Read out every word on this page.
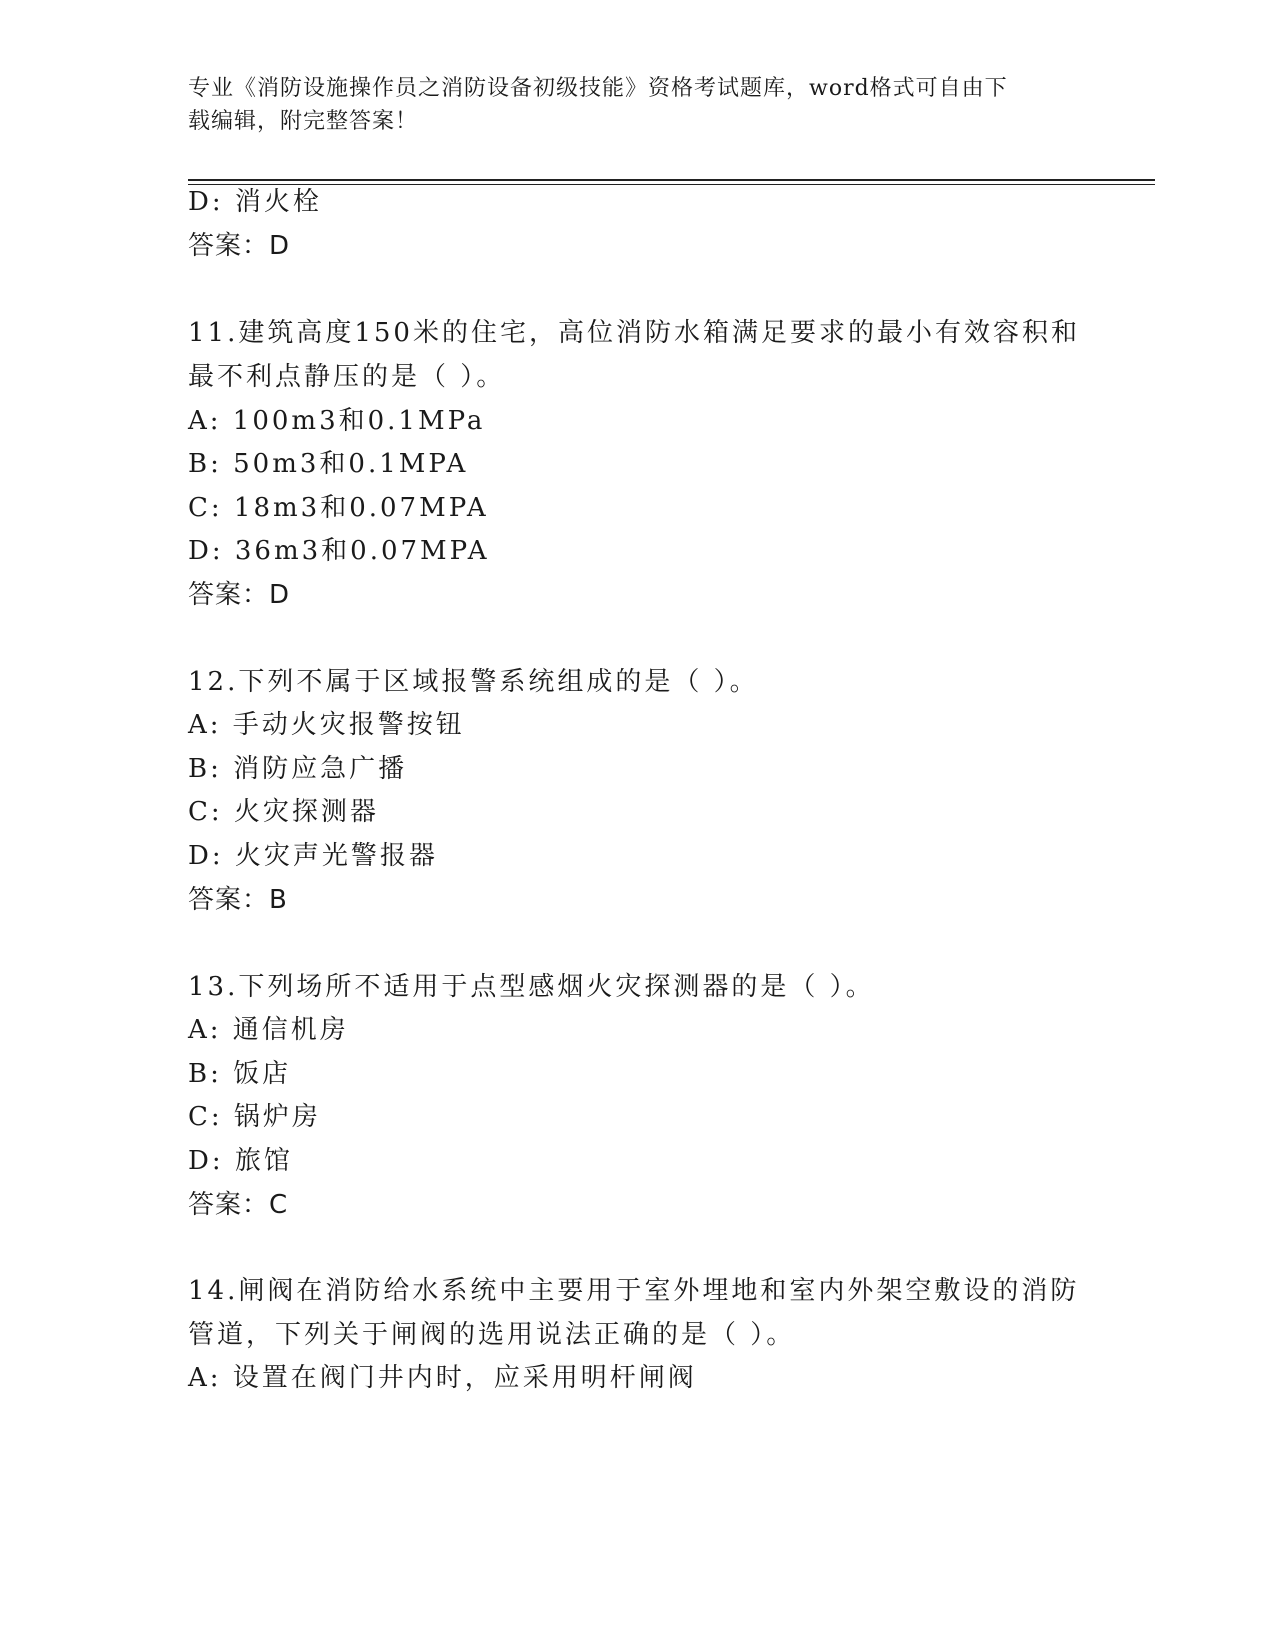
专业《消防设施操作员之消防设备初级技能》资格考试题库，word格式可自由下
载编辑，附完整答案！
D: 消火栓
答案：D
11.建筑高度150米的住宅，高位消防水箱满足要求的最小有效容积和
最不利点静压的是（ ）。
A: 100m3和0.1MPa
B: 50m3和0.1MPA
C: 18m3和0.07MPA
D: 36m3和0.07MPA
答案：D
12.下列不属于区域报警系统组成的是（ ）。
A: 手动火灾报警按钮
B: 消防应急广播
C: 火灾探测器
D: 火灾声光警报器
答案：B
13.下列场所不适用于点型感烟火灾探测器的是（ ）。
A: 通信机房
B: 饭店
C: 锅炉房
D: 旅馆
答案：C
14.闸阀在消防给水系统中主要用于室外埋地和室内外架空敷设的消防
管道，下列关于闸阀的选用说法正确的是（ ）。
A: 设置在阀门井内时，应采用明杆闸阀
